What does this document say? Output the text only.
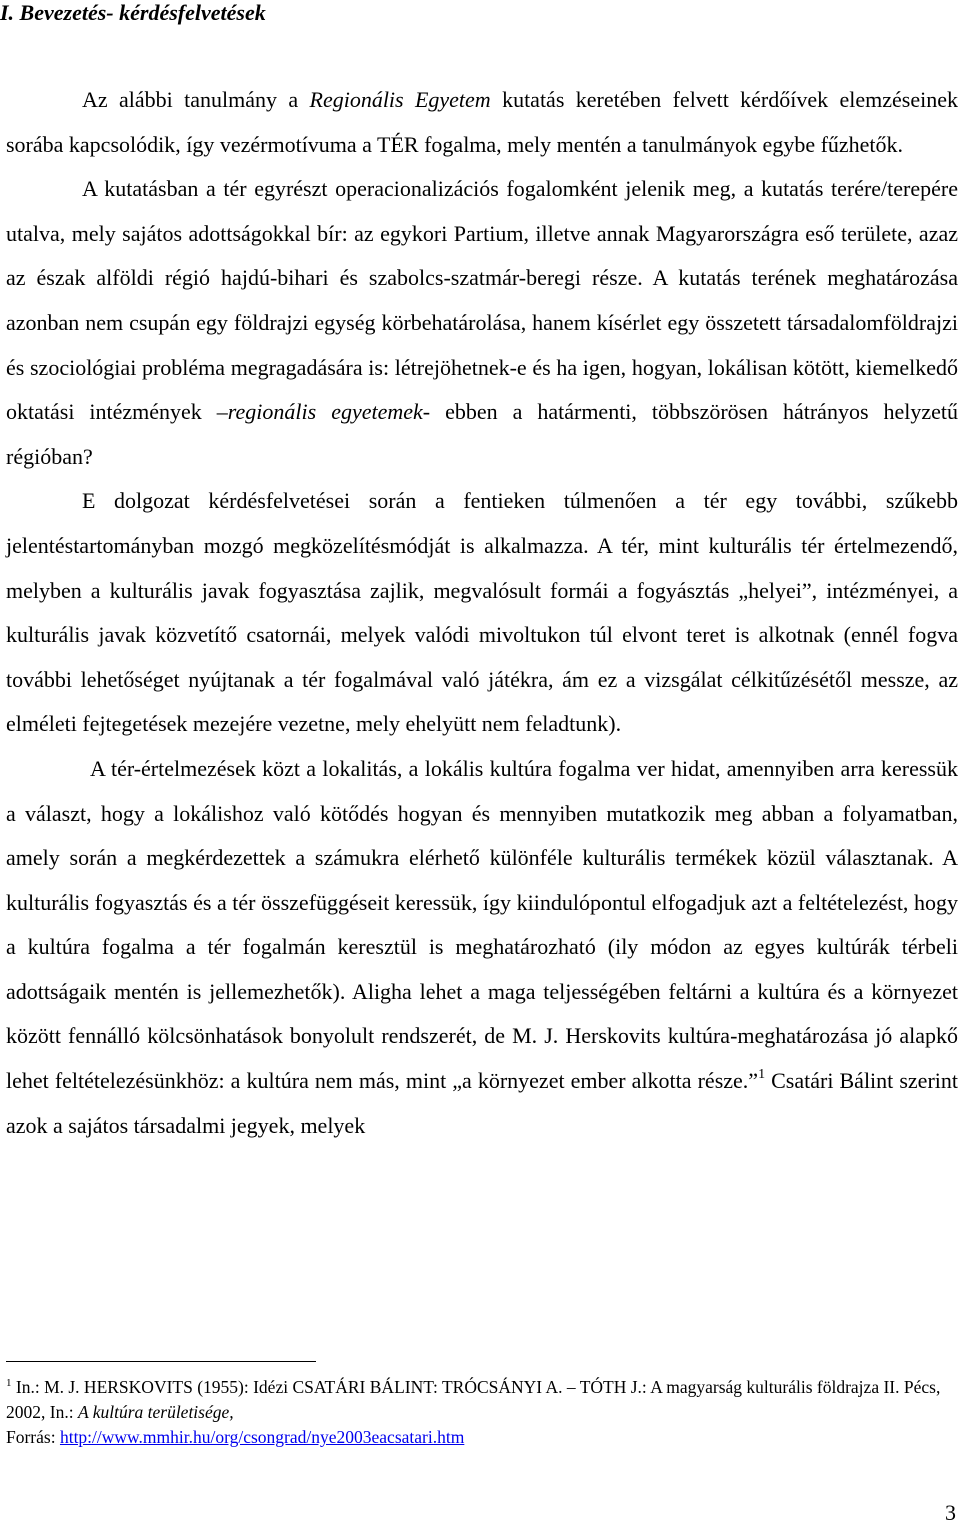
I. Bevezetés- kérdésfelvetések

Az alábbi tanulmány a Regionális Egyetem kutatás keretében felvett kérdőívek elemzéseinek sorába kapcsolódik, így vezérmotívuma a TÉR fogalma, mely mentén a tanulmányok egybe fűzhetők.

A kutatásban a tér egyrészt operacionalizációs fogalomként jelenik meg, a kutatás terére/terepére utalva, mely sajátos adottságokkal bír: az egykori Partium, illetve annak Magyarországra eső területe, azaz az észak alföldi régió hajdú-bihari és szabolcs-szatmár-beregi része. A kutatás terének meghatározása azonban nem csupán egy földrajzi egység körbehatárolása, hanem kísérlet egy összetett társadalomföldrajzi és szociológiai probléma megragadására is: létrejöhetnek-e és ha igen, hogyan, lokálisan kötött, kiemelkedő oktatási intézmények –regionális egyetemek- ebben a határmenti, többszörösen hátrányos helyzetű régióban?

E dolgozat kérdésfelvetései során a fentieken túlmenően a tér egy további, szűkebb jelentéstartományban mozgó megközelítésmódját is alkalmazza. A tér, mint kulturális tér értelmezendő, melyben a kulturális javak fogyasztása zajlik, megvalósult formái a fogyásztás „helyei”, intézményei, a kulturális javak közvetítő csatornái, melyek valódi mivoltukon túl elvont teret is alkotnak (ennél fogva további lehetőséget nyújtanak a tér fogalmával való játékra, ám ez a vizsgálat célkitűzésétől messze, az elméleti fejtegetések mezejére vezetne, mely ehelyütt nem feladtunk).

A tér-értelmezések közt a lokalitás, a lokális kultúra fogalma ver hidat, amennyiben arra keressük a választ, hogy a lokálishoz való kötődés hogyan és mennyiben mutatkozik meg abban a folyamatban, amely során a megkérdezettek a számukra elérhető különféle kulturális termékek közül választanak. A kulturális fogyasztás és a tér összefüggéseit keressük, így kiindulópontul elfogadjuk azt a feltételezést, hogy a kultúra fogalma a tér fogalmán keresztül is meghatározható (ily módon az egyes kultúrák térbeli adottságaik mentén is jellemezhetők). Aligha lehet a maga teljességében feltárni a kultúra és a környezet között fennálló kölcsönhatások bonyolult rendszerét, de M. J. Herskovits kultúra-meghatározása jó alapkő lehet feltételezésünkhöz: a kultúra nem más, mint „a környezet ember alkotta része.”$^1$ Csatári Bálint szerint azok a sajátos társadalmi jegyek, melyek

$^1$ In.: M. J. HERSKOVITS (1955): Idézi CSATÁRI BÁLINT: TRÓCSÁNYI A. – TÓTH J.: A magyarság kulturális földrajza II. Pécs, 2002, In.: A kultúra területisége,

Forrás: http://www.mmhir.hu/org/csongrad/nye2003eacsatari.htm

3
